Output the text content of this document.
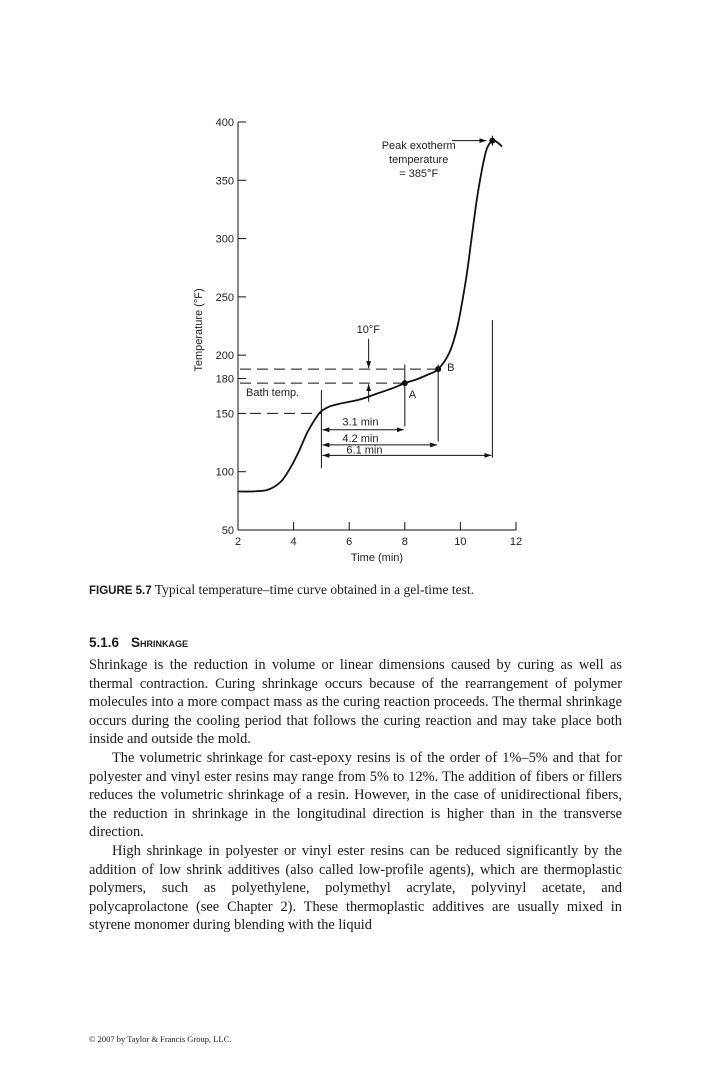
50
100
150
180
200
250
300
350
400
2	4	6	8	10	12
Time (min)
Temperature (°F)
A
B
3.1 min
4.2 min
6.1 min
10°F
Bath temp.
Peak exotherm
temperature
= 385°F
FIGURE 5.7 Typical temperature–time curve obtained in a gel-time test.
5.1.6 Shrinkage

Shrinkage is the reduction in volume or linear dimensions caused by curing as well as thermal contraction. Curing shrinkage occurs because of the rearrangement of polymer molecules into a more compact mass as the curing reaction proceeds. The thermal shrinkage occurs during the cooling period that follows the curing reaction and may take place both inside and outside the mold.

The volumetric shrinkage for cast-epoxy resins is of the order of 1%–5% and that for polyester and vinyl ester resins may range from 5% to 12%. The addition of fibers or fillers reduces the volumetric shrinkage of a resin. However, in the case of unidirectional fibers, the reduction in shrinkage in the longitudinal direction is higher than in the transverse direction.

High shrinkage in polyester or vinyl ester resins can be reduced significantly by the addition of low shrink additives (also called low-profile agents), which are thermoplastic polymers, such as polyethylene, polymethyl acrylate, polyvinyl acetate, and polycaprolactone (see Chapter 2). These thermoplastic additives are usually mixed in styrene monomer during blending with the liquid

© 2007 by Taylor & Francis Group, LLC.
